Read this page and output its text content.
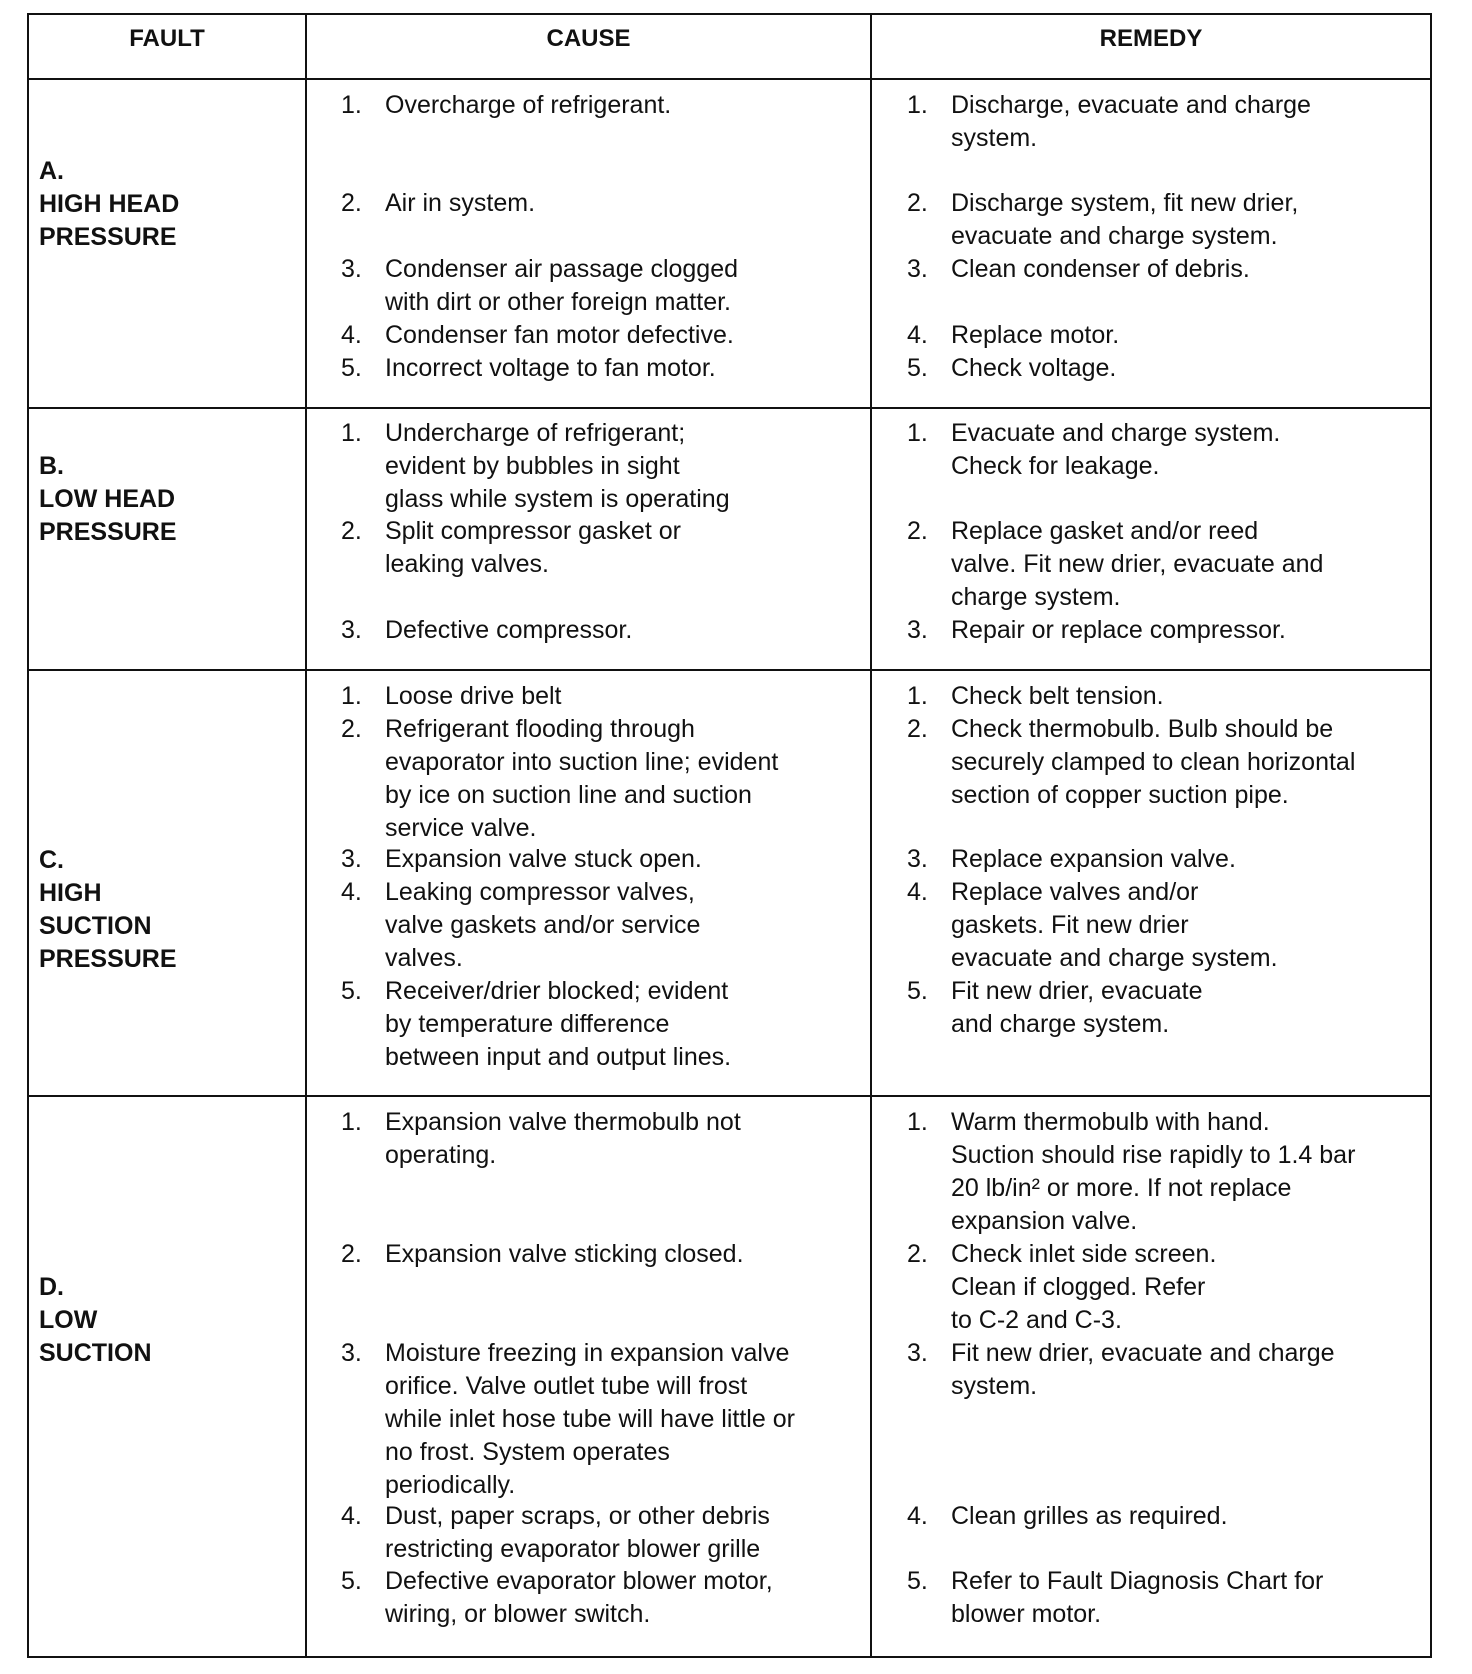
FAULT	CAUSE	REMEDY
A.
HIGH HEAD
PRESSURE
1. Overcharge of refrigerant.
2. Air in system.
3. Condenser air passage clogged
with dirt or other foreign matter.
4. Condenser fan motor defective.
5. Incorrect voltage to fan motor.
1. Discharge, evacuate and charge
system.
2. Discharge system, fit new drier,
evacuate and charge system.
3. Clean condenser of debris.
4. Replace motor.
5. Check voltage.
B.
LOW HEAD
PRESSURE
1. Undercharge of refrigerant;
evident by bubbles in sight
glass while system is operating
2. Split compressor gasket or
leaking valves.
3. Defective compressor.
1. Evacuate and charge system.
Check for leakage.
2. Replace gasket and/or reed
valve. Fit new drier, evacuate and
charge system.
3. Repair or replace compressor.
C.
HIGH
SUCTION
PRESSURE
1. Loose drive belt
2. Refrigerant flooding through
evaporator into suction line; evident
by ice on suction line and suction
service valve.
3. Expansion valve stuck open.
4. Leaking compressor valves,
valve gaskets and/or service
valves.
5. Receiver/drier blocked; evident
by temperature difference
between input and output lines.
1. Check belt tension.
2. Check thermobulb. Bulb should be
securely clamped to clean horizontal
section of copper suction pipe.
3. Replace expansion valve.
4. Replace valves and/or
gaskets. Fit new drier
evacuate and charge system.
5. Fit new drier, evacuate
and charge system.
D.
LOW
SUCTION
1. Expansion valve thermobulb not
operating.
2. Expansion valve sticking closed.
3. Moisture freezing in expansion valve
orifice. Valve outlet tube will frost
while inlet hose tube will have little or
no frost. System operates
periodically.
4. Dust, paper scraps, or other debris
restricting evaporator blower grille
5. Defective evaporator blower motor,
wiring, or blower switch.
1. Warm thermobulb with hand.
Suction should rise rapidly to 1.4 bar
20 lb/in² or more. If not replace
expansion valve.
2. Check inlet side screen.
Clean if clogged. Refer
to C-2 and C-3.
3. Fit new drier, evacuate and charge
system.
4. Clean grilles as required.
5. Refer to Fault Diagnosis Chart for
blower motor.
